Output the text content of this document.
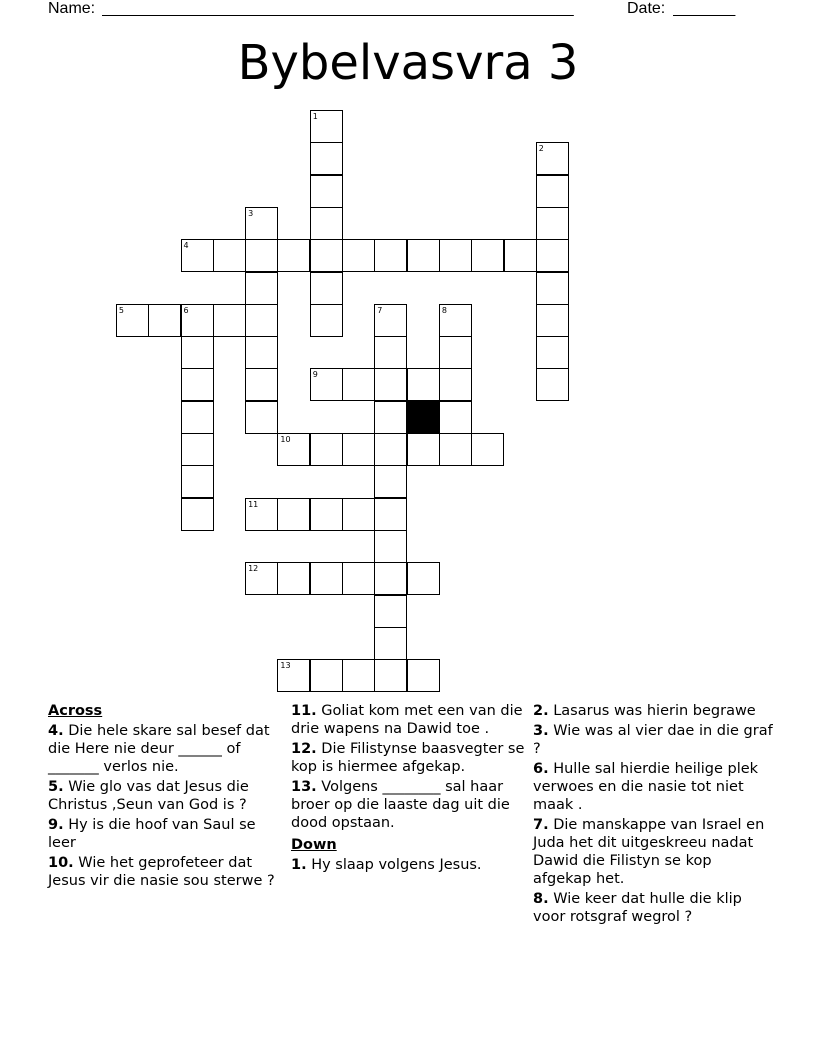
Name: _____________________________________________________	Date: _______
Bybelvasvra 3
1
2
3
4
5	6	7	8
9
10
11
12
13
Across
4. Die hele skare sal besef dat die Here nie deur ______ of _______ verlos nie.
5. Wie glo vas dat Jesus die Christus ,Seun van God is ?
9. Hy is die hoof van Saul se leer
10. Wie het geprofeteer dat Jesus vir die nasie sou sterwe ?
11. Goliat kom met een van die drie wapens na Dawid toe .
12. Die Filistynse baasvegter se kop is hiermee afgekap.
13. Volgens ________ sal haar broer op die laaste dag uit die dood opstaan.
Down
1. Hy slaap volgens Jesus.
2. Lasarus was hierin begrawe
3. Wie was al vier dae in die graf ?
6. Hulle sal hierdie heilige plek verwoes en die nasie tot niet maak .
7. Die manskappe van Israel en Juda het dit uitgeskreeu nadat Dawid die Filistyn se kop afgekap het.
8. Wie keer dat hulle die klip voor rotsgraf wegrol ?
